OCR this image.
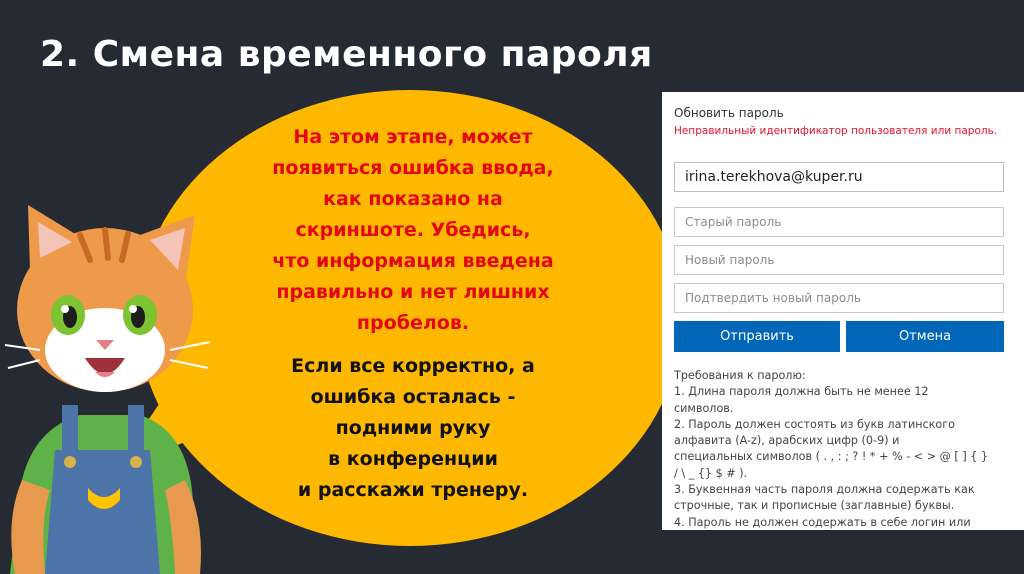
2. Смена временного пароля
На этом этапе, может
появиться ошибка ввода,
как показано на
скриншоте. Убедись,
что информация введена
правильно и нет лишних
пробелов.
Если все корректно, а
ошибка осталась -
подними руку
в конференции
и расскажи тренеру.
Обновить пароль
Неправильный идентификатор пользователя или пароль.
irina.terekhova@kuper.ru
Старый пароль
Новый пароль
Подтвердить новый пароль
Отправить	Отмена
Требования к паролю:
1. Длина пароля должна быть не менее 12
символов.
2. Пароль должен состоять из букв латинского
алфавита (A-z), арабских цифр (0-9) и
специальных символов ( . , : ; ? ! * + % - < > @ [ ] { }
/ \ _ {} $ # ).
3. Буквенная часть пароля должна содержать как
строчные, так и прописные (заглавные) буквы.
4. Пароль не должен содержать в себе логин или
